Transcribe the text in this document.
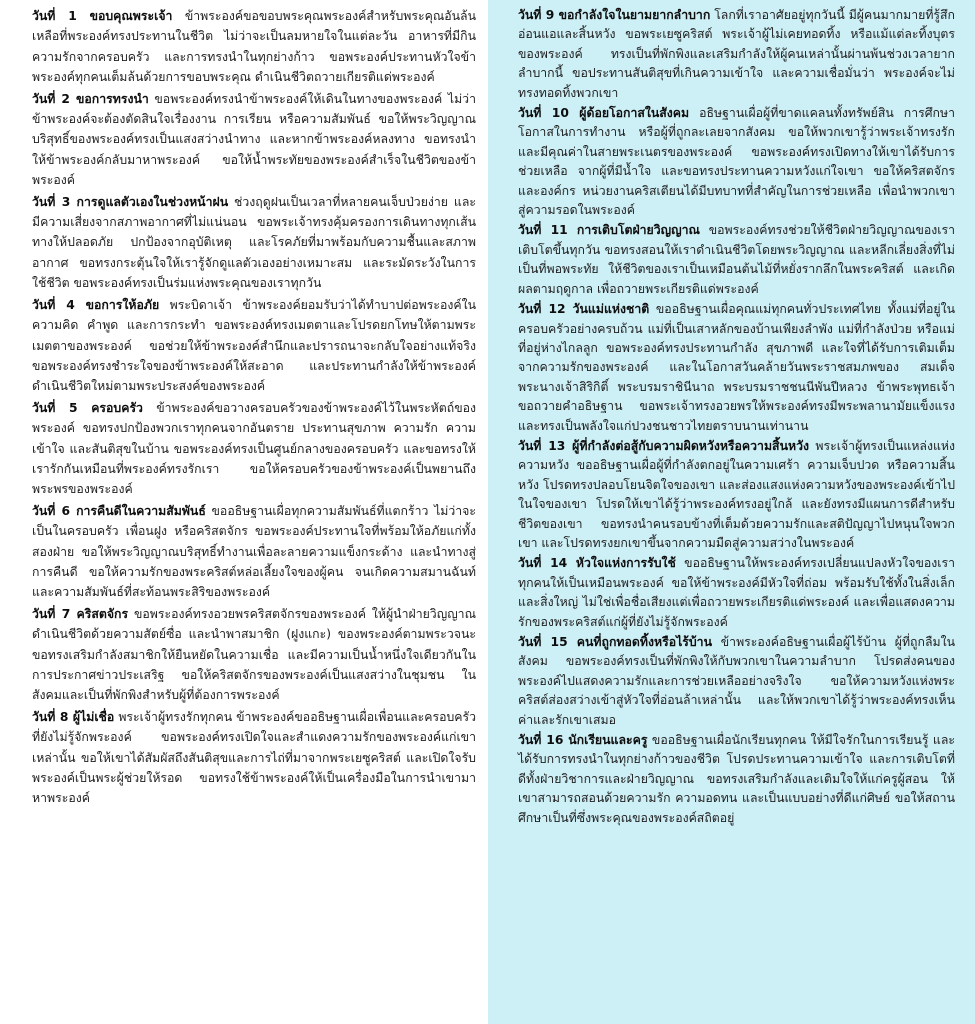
วันที่ 1 ขอบคุณพระเจ้า ข้าพระองค์ขอขอบพระคุณพระองค์สำหรับพระคุณอันล้นเหลือที่พระองค์ทรงประทานในชีวิต ไม่ว่าจะเป็นลมหายใจในแต่ละวัน อาหารที่มีกิน ความรักจากครอบครัว และการทรงนำในทุกย่างก้าว ขอพระองค์ประทานหัวใจข้าพระองค์ทุกคนเต็มล้นด้วยการขอบพระคุณ ดำเนินชีวิตถวายเกียรติแด่พระองค์

วันที่ 2 ขอการทรงนำ ขอพระองค์ทรงนำข้าพระองค์ให้เดินในทางของพระองค์ ไม่ว่าข้าพระองค์จะต้องตัดสินใจเรื่องงาน การเรียน หรือความสัมพันธ์ ขอให้พระวิญญาณบริสุทธิ์ของพระองค์ทรงเป็นแสงสว่างนำทาง และหากข้าพระองค์หลงทาง ขอทรงนำให้ข้าพระองค์กลับมาหาพระองค์ ขอให้น้ำพระทัยของพระองค์สำเร็จในชีวิตของข้าพระองค์

วันที่ 3 การดูแลตัวเองในช่วงหน้าฝน ช่วงฤดูฝนเป็นเวลาที่หลายคนเจ็บป่วยง่าย และมีความเสี่ยงจากสภาพอากาศที่ไม่แน่นอน ขอพระเจ้าทรงคุ้มครองการเดินทางทุกเส้นทางให้ปลอดภัย ปกป้องจากอุบัติเหตุ และโรคภัยที่มาพร้อมกับความชื้นและสภาพอากาศ ขอทรงกระตุ้นใจให้เรารู้จักดูแลตัวเองอย่างเหมาะสม และระมัดระวังในการใช้ชีวิต ขอพระองค์ทรงเป็นร่มแห่งพระคุณของเราทุกวัน

วันที่ 4 ขอการให้อภัย พระบิดาเจ้า ข้าพระองค์ยอมรับว่าได้ทำบาปต่อพระองค์ในความคิด คำพูด และการกระทำ ขอพระองค์ทรงเมตตาและโปรดยกโทษให้ตามพระเมตตาของพระองค์ ขอช่วยให้ข้าพระองค์สำนึกและปรารถนาจะกลับใจอย่างแท้จริง ขอพระองค์ทรงชำระใจของข้าพระองค์ให้สะอาด และประทานกำลังให้ข้าพระองค์ดำเนินชีวิตใหม่ตามพระประสงค์ของพระองค์

วันที่ 5 ครอบครัว ข้าพระองค์ขอวางครอบครัวของข้าพระองค์ไว้ในพระหัตถ์ของพระองค์ ขอทรงปกป้องพวกเราทุกคนจากอันตราย ประทานสุขภาพ ความรัก ความเข้าใจ และสันติสุขในบ้าน ขอพระองค์ทรงเป็นศูนย์กลางของครอบครัว และขอทรงให้เรารักกันเหมือนที่พระองค์ทรงรักเรา ขอให้ครอบครัวของข้าพระองค์เป็นพยานถึงพระพรของพระองค์

วันที่ 6 การคืนดีในความสัมพันธ์ ขออธิษฐานเผื่อทุกความสัมพันธ์ที่แตกร้าว ไม่ว่าจะเป็นในครอบครัว เพื่อนฝูง หรือคริสตจักร ขอพระองค์ประทานใจที่พร้อมให้อภัยแก่ทั้งสองฝ่าย ขอให้พระวิญญาณบริสุทธิ์ทำงานเพื่อละลายความแข็งกระด้าง และนำทางสู่การคืนดี ขอให้ความรักของพระคริสต์หล่อเลี้ยงใจของผู้คน จนเกิดความสมานฉันท์ และความสัมพันธ์ที่สะท้อนพระสิริของพระองค์

วันที่ 7 คริสตจักร ขอพระองค์ทรงอวยพรคริสตจักรของพระองค์ ให้ผู้นำฝ่ายวิญญาณดำเนินชีวิตด้วยความสัตย์ซื่อ และนำพาสมาชิก (ฝูงแกะ) ของพระองค์ตามพระวจนะ ขอทรงเสริมกำลังสมาชิกให้ยืนหยัดในความเชื่อ และมีความเป็นน้ำหนึ่งใจเดียวกันในการประกาศข่าวประเสริฐ ขอให้คริสตจักรของพระองค์เป็นแสงสว่างในชุมชน ในสังคมและเป็นที่พักพิงสำหรับผู้ที่ต้องการพระองค์

วันที่ 8 ผู้ไม่เชื่อ พระเจ้าผู้ทรงรักทุกคน ข้าพระองค์ขออธิษฐานเผื่อเพื่อนและครอบครัวที่ยังไม่รู้จักพระองค์ ขอพระองค์ทรงเปิดใจและสำแดงความรักของพระองค์แก่เขาเหล่านั้น ขอให้เขาได้สัมผัสถึงสันติสุขและการไถ่ที่มาจากพระเยซูคริสต์ และเปิดใจรับพระองค์เป็นพระผู้ช่วยให้รอด ขอทรงใช้ข้าพระองค์ให้เป็นเครื่องมือในการนำเขามาหาพระองค์

วันที่ 9 ขอกำลังใจในยามยากลำบาก โลกที่เราอาศัยอยู่ทุกวันนี้ มีผู้คนมากมายที่รู้สึกอ่อนแอและสิ้นหวัง ขอพระเยซูคริสต์ พระเจ้าผู้ไม่เคยทอดทิ้ง หรือแม้แต่ละทิ้งบุตรของพระองค์ ทรงเป็นที่พักพิงและเสริมกำลังให้ผู้คนเหล่านั้นผ่านพ้นช่วงเวลายากลำบากนี้ ขอประทานสันติสุขที่เกินความเข้าใจ และความเชื่อมั่นว่า พระองค์จะไม่ทรงทอดทิ้งพวกเขา

วันที่ 10 ผู้ด้อยโอกาสในสังคม อธิษฐานเผื่อผู้ที่ขาดแคลนทั้งทรัพย์สิน การศึกษา โอกาสในการทำงาน หรือผู้ที่ถูกละเลยจากสังคม ขอให้พวกเขารู้ว่าพระเจ้าทรงรัก และมีคุณค่าในสายพระเนตรของพระองค์ ขอพระองค์ทรงเปิดทางให้เขาได้รับการช่วยเหลือ จากผู้ที่มีน้ำใจ และขอทรงประทานความหวังแก่ใจเขา ขอให้คริสตจักรและองค์กร หน่วยงานคริสเตียนได้มีบทบาทที่สำคัญในการช่วยเหลือ เพื่อนำพวกเขาสู่ความรอดในพระองค์

วันที่ 11 การเติบโตฝ่ายวิญญาณ ขอพระองค์ทรงช่วยให้ชีวิตฝ่ายวิญญาณของเราเติบโตขึ้นทุกวัน ขอทรงสอนให้เราดำเนินชีวิตโดยพระวิญญาณ และหลีกเลี่ยงสิ่งที่ไม่เป็นที่พอพระทัย ให้ชีวิตของเราเป็นเหมือนต้นไม้ที่หยั่งรากลึกในพระคริสต์ และเกิดผลตามฤดูกาล เพื่อถวายพระเกียรติแด่พระองค์

วันที่ 12 วันแม่แห่งชาติ ขออธิษฐานเผื่อคุณแม่ทุกคนทั่วประเทศไทย ทั้งแม่ที่อยู่ในครอบครัวอย่างครบถ้วน แม่ที่เป็นเสาหลักของบ้านเพียงลำพัง แม่ที่กำลังป่วย หรือแม่ที่อยู่ห่างไกลลูก ขอพระองค์ทรงประทานกำลัง สุขภาพดี และใจที่ได้รับการเติมเต็มจากความรักของพระองค์ และในโอกาสวันคล้ายวันพระราชสมภพของ สมเด็จพระนางเจ้าสิริกิติ์ พระบรมราชินีนาถ พระบรมราชชนนีพันปีหลวง ข้าพระพุทธเจ้าขอถวายคำอธิษฐาน ขอพระเจ้าทรงอวยพรให้พระองค์ทรงมีพระพลานามัยแข็งแรง และทรงเป็นพลังใจแก่ปวงชนชาวไทยตราบนานเท่านาน

วันที่ 13 ผู้ที่กำลังต่อสู้กับความผิดหวังหรือความสิ้นหวัง พระเจ้าผู้ทรงเป็นแหล่งแห่งความหวัง ขออธิษฐานเผื่อผู้ที่กำลังตกอยู่ในความเศร้า ความเจ็บปวด หรือความสิ้นหวัง โปรดทรงปลอบโยนจิตใจของเขา และส่องแสงแห่งความหวังของพระองค์เข้าไปในใจของเขา โปรดให้เขาได้รู้ว่าพระองค์ทรงอยู่ใกล้ และยังทรงมีแผนการดีสำหรับชีวิตของเขา ขอทรงนำคนรอบข้างที่เต็มด้วยความรักและสติปัญญาไปหนุนใจพวกเขา และโปรดทรงยกเขาขึ้นจากความมืดสู่ความสว่างในพระองค์

วันที่ 14 หัวใจแห่งการรับใช้ ขออธิษฐานให้พระองค์ทรงเปลี่ยนแปลงหัวใจของเราทุกคนให้เป็นเหมือนพระองค์ ขอให้ข้าพระองค์มีหัวใจที่ถ่อม พร้อมรับใช้ทั้งในสิ่งเล็กและสิ่งใหญ่ ไม่ใช่เพื่อชื่อเสียงแต่เพื่อถวายพระเกียรติแด่พระองค์ และเพื่อแสดงความรักของพระคริสต์แก่ผู้ที่ยังไม่รู้จักพระองค์

วันที่ 15 คนที่ถูกทอดทิ้งหรือไร้บ้าน ข้าพระองค์อธิษฐานเผื่อผู้ไร้บ้าน ผู้ที่ถูกลืมในสังคม ขอพระองค์ทรงเป็นที่พักพิงให้กับพวกเขาในความลำบาก โปรดส่งคนของพระองค์ไปแสดงความรักและการช่วยเหลืออย่างจริงใจ ขอให้ความหวังแห่งพระคริสต์ส่องสว่างเข้าสู่หัวใจที่อ่อนล้าเหล่านั้น และให้พวกเขาได้รู้ว่าพระองค์ทรงเห็นค่าและรักเขาเสมอ

วันที่ 16 นักเรียนและครู ขออธิษฐานเผื่อนักเรียนทุกคน ให้มีใจรักในการเรียนรู้ และได้รับการทรงนำในทุกย่างก้าวของชีวิต โปรดประทานความเข้าใจ และการเติบโตที่ดีทั้งฝ่ายวิชาการและฝ่ายวิญญาณ ขอทรงเสริมกำลังและเติมใจให้แก่ครูผู้สอน ให้เขาสามารถสอนด้วยความรัก ความอดทน และเป็นแบบอย่างที่ดีแก่ศิษย์ ขอให้สถานศึกษาเป็นที่ซึ่งพระคุณของพระองค์สถิตอยู่
